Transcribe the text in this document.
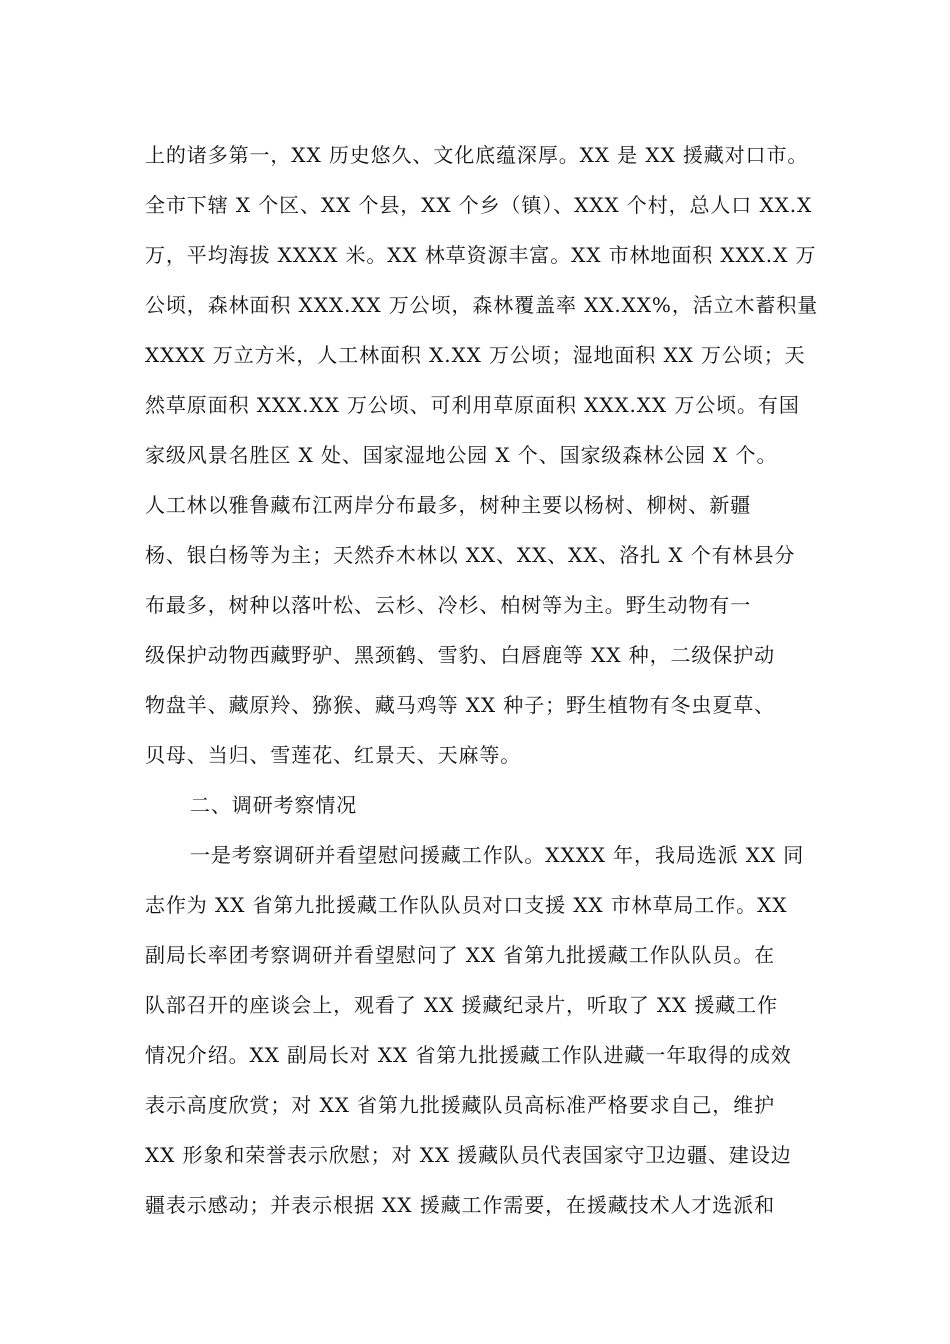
上的诸多第一，XX 历史悠久、文化底蕴深厚。XX 是 XX 援藏对口市。
全市下辖 X 个区、XX 个县，XX 个乡（镇）、XXX 个村，总人口 XX.X
万，平均海拔 XXXX 米。XX 林草资源丰富。XX 市林地面积 XXX.X 万
公顷，森林面积 XXX.XX 万公顷，森林覆盖率 XX.XX%，活立木蓄积量
XXXX 万立方米，人工林面积 X.XX 万公顷；湿地面积 XX 万公顷；天
然草原面积 XXX.XX 万公顷、可利用草原面积 XXX.XX 万公顷。有国
家级风景名胜区 X 处、国家湿地公园 X 个、国家级森林公园 X 个。
人工林以雅鲁藏布江两岸分布最多，树种主要以杨树、柳树、新疆
杨、银白杨等为主；天然乔木林以 XX、XX、XX、洛扎 X 个有林县分
布最多，树种以落叶松、云杉、冷杉、柏树等为主。野生动物有一
级保护动物西藏野驴、黑颈鹤、雪豹、白唇鹿等 XX 种，二级保护动
物盘羊、藏原羚、猕猴、藏马鸡等 XX 种子；野生植物有冬虫夏草、
贝母、当归、雪莲花、红景天、天麻等。
二、调研考察情况
一是考察调研并看望慰问援藏工作队。XXXX 年，我局选派 XX 同
志作为 XX 省第九批援藏工作队队员对口支援 XX 市林草局工作。XX
副局长率团考察调研并看望慰问了 XX 省第九批援藏工作队队员。在
队部召开的座谈会上，观看了 XX 援藏纪录片，听取了 XX 援藏工作
情况介绍。XX 副局长对 XX 省第九批援藏工作队进藏一年取得的成效
表示高度欣赏；对 XX 省第九批援藏队员高标准严格要求自己，维护
XX 形象和荣誉表示欣慰；对 XX 援藏队员代表国家守卫边疆、建设边
疆表示感动；并表示根据 XX 援藏工作需要，在援藏技术人才选派和
